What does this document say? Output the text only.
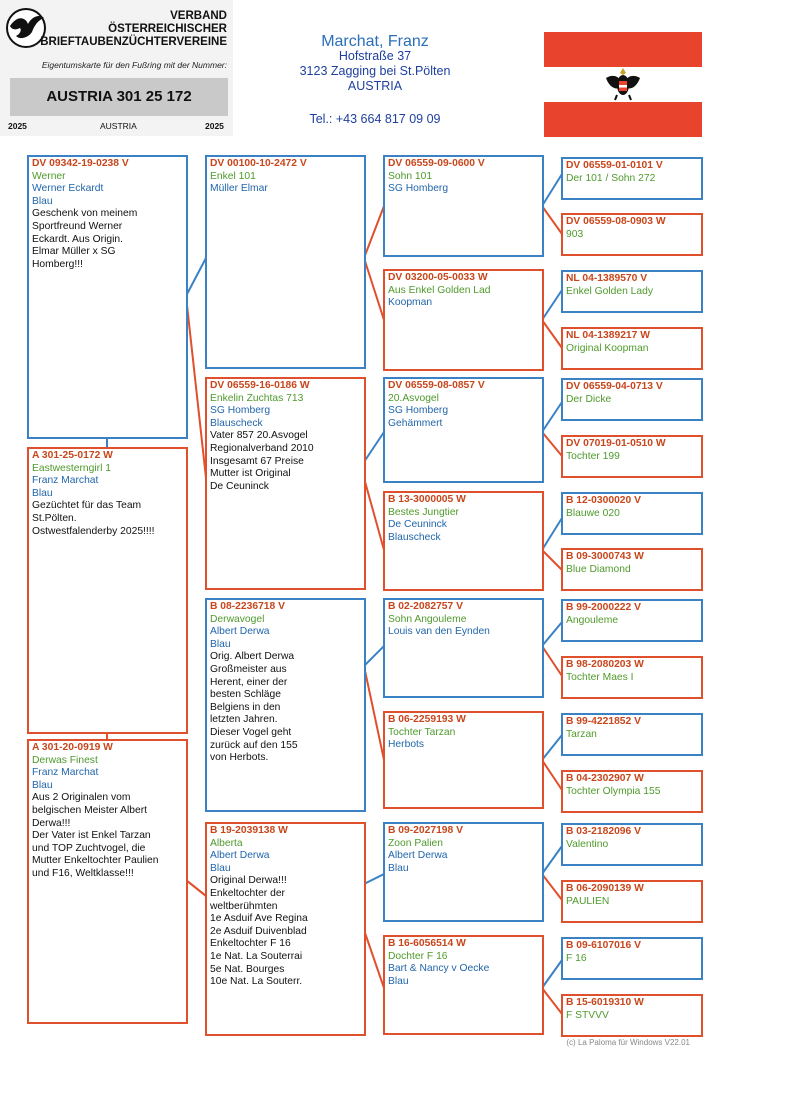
VERBAND
ÖSTERREICHISCHER
BRIEFTAUBENZÜCHTERVEREINE
Eigentumskarte für den Fußring mit der Nummer:
AUSTRIA 301 25 172
2025	AUSTRIA	2025
Marchat, Franz
Hofstraße 37
3123 Zagging bei St.Pölten
AUSTRIA
Tel.: +43 664 817 09 09
DV 09342-19-0238 V
Werner
Werner Eckardt
Blau
Geschenk von meinem
Sportfreund Werner
Eckardt. Aus Origin.
Elmar Müller x SG
Homberg!!!
A 301-25-0172 W
Eastwesterngirl 1
Franz Marchat
Blau
Gezüchtet für das Team
St.Pölten.
Ostwestfalenderby 2025!!!!
A 301-20-0919 W
Derwas Finest
Franz Marchat
Blau
Aus 2 Originalen vom
belgischen Meister Albert
Derwa!!!
Der Vater ist Enkel Tarzan
und TOP Zuchtvogel, die
Mutter Enkeltochter Paulien
und F16, Weltklasse!!!
DV 00100-10-2472 V
Enkel 101
Müller Elmar
DV 06559-16-0186 W
Enkelin Zuchtas 713
SG Homberg
Blauscheck
Vater 857 20.Asvogel
Regionalverband 2010
Insgesamt 67 Preise
Mutter ist Original
De Ceuninck
B 08-2236718 V
Derwavogel
Albert Derwa
Blau
Orig. Albert Derwa
Großmeister aus
Herent, einer der
besten Schläge
Belgiens in den
letzten Jahren.
Dieser Vogel geht
zurück auf den 155
von Herbots.
B 19-2039138 W
Alberta
Albert Derwa
Blau
Original Derwa!!!
Enkeltochter der
weltberühmten
1e Asduif Ave Regina
2e Asduif Duivenblad
Enkeltochter F 16
1e Nat. La Souterrai
5e Nat. Bourges
10e Nat. La Souterr.
DV 06559-09-0600 V
Sohn 101
SG Homberg
DV 03200-05-0033 W
Aus Enkel Golden Lad
Koopman
DV 06559-08-0857 V
20.Asvogel
SG Homberg
Gehämmert
B 13-3000005 W
Bestes Jungtier
De Ceuninck
Blauscheck
B 02-2082757 V
Sohn Angouleme
Louis van den Eynden
B 06-2259193 W
Tochter Tarzan
Herbots
B 09-2027198 V
Zoon Palien
Albert Derwa
Blau
B 16-6056514 W
Dochter F 16
Bart & Nancy v Oecke
Blau
DV 06559-01-0101 V
Der 101 / Sohn 272
DV 06559-08-0903 W
903
NL 04-1389570 V
Enkel Golden Lady
NL 04-1389217 W
Original Koopman
DV 06559-04-0713 V
Der Dicke
DV 07019-01-0510 W
Tochter 199
B 12-0300020 V
Blauwe 020
B 09-3000743 W
Blue Diamond
B 99-2000222 V
Angouleme
B 98-2080203 W
Tochter Maes I
B 99-4221852 V
Tarzan
B 04-2302907 W
Tochter Olympia 155
B 03-2182096 V
Valentino
B 06-2090139 W
PAULIEN
B 09-6107016 V
F 16
B 15-6019310 W
F STVVV
(c) La Paloma für Windows V22.01
